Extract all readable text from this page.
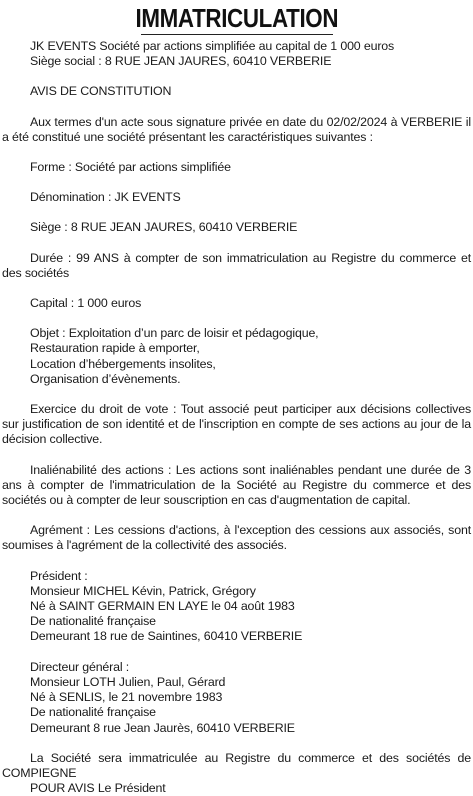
IMMATRICULATION
JK EVENTS Société par actions simplifiée au capital de 1 000 euros
Siège social : 8 RUE JEAN JAURES, 60410 VERBERIE
AVIS DE CONSTITUTION
Aux termes d'un acte sous signature privée en date du 02/02/2024 à VERBERIE il a été constitué une société présentant les caractéristiques suivantes :
Forme : Société par actions simplifiée
Dénomination : JK EVENTS
Siège : 8 RUE JEAN JAURES, 60410 VERBERIE
Durée : 99 ANS à compter de son immatriculation au Registre du commerce et des sociétés
Capital : 1 000 euros
Objet : Exploitation d’un parc de loisir et pédagogique,
Restauration rapide à emporter,
Location d’hébergements insolites,
Organisation d’évènements.
Exercice du droit de vote : Tout associé peut participer aux décisions collectives sur justification de son identité et de l'inscription en compte de ses actions au jour de la décision collective.
Inaliénabilité des actions : Les actions sont inaliénables pendant une durée de 3 ans à compter de l'immatriculation de la Société au Registre du commerce et des sociétés ou à compter de leur souscription en cas d'augmentation de capital.
Agrément : Les cessions d'actions, à l'exception des cessions aux associés, sont soumises à l'agrément de la collectivité des associés.
Président :
Monsieur MICHEL Kévin, Patrick, Grégory
Né à SAINT GERMAIN EN LAYE le 04 août 1983
De nationalité française
Demeurant 18 rue de Saintines, 60410 VERBERIE
Directeur général :
Monsieur LOTH Julien, Paul, Gérard
Né à SENLIS, le 21 novembre 1983
De nationalité française
Demeurant 8 rue Jean Jaurès, 60410 VERBERIE
La Société sera immatriculée au Registre du commerce et des sociétés de COMPIEGNE
POUR AVIS Le Président
